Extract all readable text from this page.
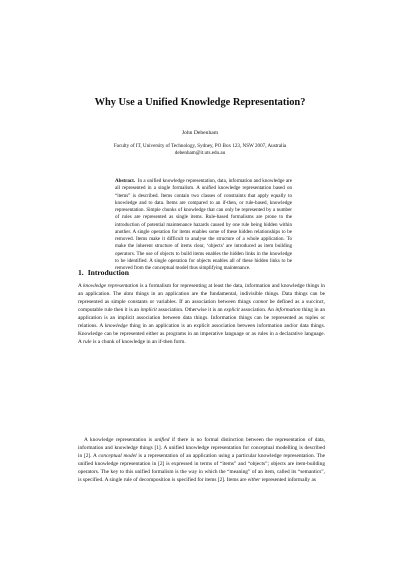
Why Use a Unified Knowledge Representation?

John Debenham

Faculty of IT, University of Technology, Sydney, PO Box 123, NSW 2007, Australia
debenham@it.uts.edu.au

Abstract. In a unified knowledge representation, data, information and knowledge are all represented in a single formalism. A unified knowledge representation based on “items” is described. Items contain two classes of constraints that apply equally to knowledge and to data. Items are compared to an if-then, or rule-based, knowledge representation. Simple chunks of knowledge that can only be represented by a number of rules are represented as single items. Rule-based formalisms are prone to the introduction of potential maintenance hazards caused by one rule being hidden within another. A single operation for items enables some of these hidden relationships to be removed. Items make it difficult to analyse the structure of a whole application. To make the inherent structure of items clear, ‘objects’ are introduced as item building operators. The use of objects to build items enables the hidden links in the knowledge to be identified. A single operation for objects enables all of these hidden links to be removed from the conceptual model thus simplifying maintenance.

1. Introduction

A knowledge representation is a formalism for representing at least the data, information and knowledge things in an application. The data things in an application are the fundamental, indivisible things. Data things can be represented as simple constants or variables. If an association between things cannot be defined as a succinct, computable rule then it is an implicit association. Otherwise it is an explicit association. An information thing in an application is an implicit association between data things. Information things can be represented as tuples or relations. A knowledge thing in an application is an explicit association between information and/or data things. Knowledge can be represented either as programs in an imperative language or as rules in a declarative language. A rule is a chunk of knowledge in an if-then form.

A knowledge representation is unified if there is no formal distinction between the representation of data, information and knowledge things [1]. A unified knowledge representation for conceptual modelling is described in [2]. A conceptual model is a representation of an application using a particular knowledge representation. The unified knowledge representation in [2] is expressed in terms of “items” and “objects”; objects are item-building operators. The key to this unified formalism is the way in which the “meaning” of an item, called its “semantics”, is specified. A single rule of decomposition is specified for items [2]. Items are either represented informally as
